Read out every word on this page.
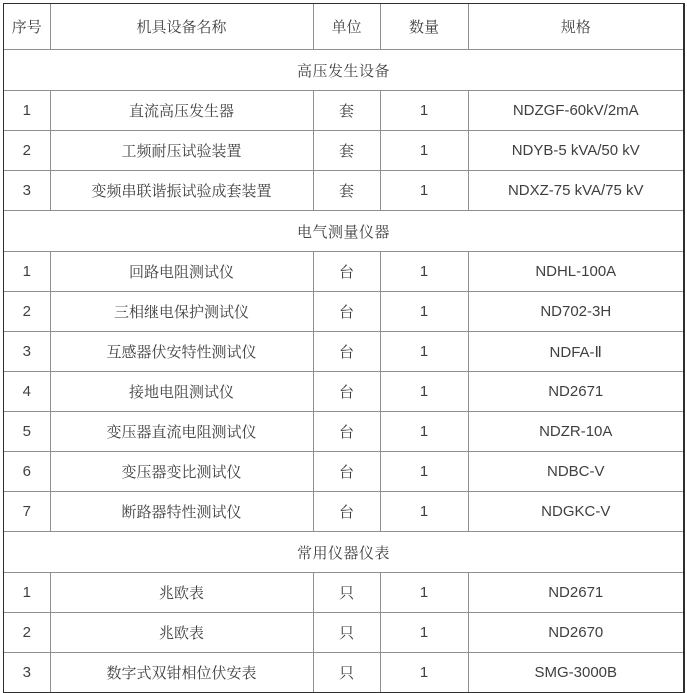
序号	机具设备名称	单位	数量	规格
高压发生设备				
1	直流高压发生器	套	1	NDZGF-60kV/2mA
2	工频耐压试验装置	套	1	NDYB-5 kVA/50 kV
3	变频串联谐振试验成套装置	套	1	NDXZ-75 kVA/75 kV
电气测量仪器				
1	回路电阻测试仪	台	1	NDHL-100A
2	三相继电保护测试仪	台	1	ND702-3H
3	互感器伏安特性测试仪	台	1	NDFA-Ⅱ
4	接地电阻测试仪	台	1	ND2671
5	变压器直流电阻测试仪	台	1	NDZR-10A
6	变压器变比测试仪	台	1	NDBC-V
7	断路器特性测试仪	台	1	NDGKC-V
常用仪器仪表				
1	兆欧表	只	1	ND2671
2	兆欧表	只	1	ND2670
3	数字式双钳相位伏安表	只	1	SMG-3000B
